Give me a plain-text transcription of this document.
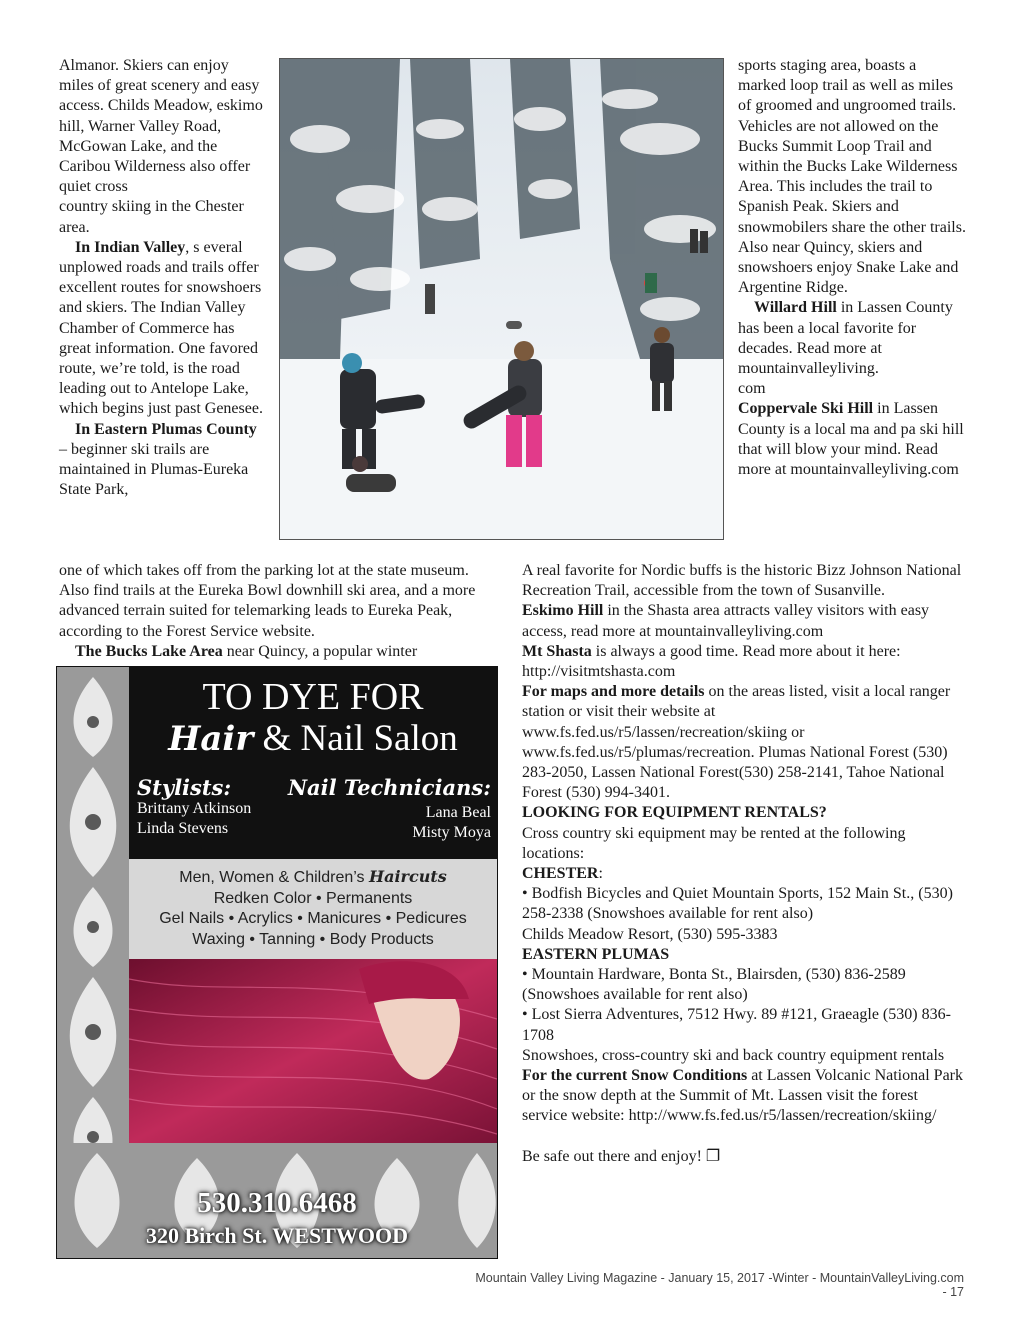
Almanor. Skiers can enjoy miles of great scenery and easy access. Childs Meadow, eskimo hill, Warner Valley Road, McGowan Lake, and the Caribou Wilderness also offer quiet cross

country skiing in the Chester area.

In Indian Valley, s everal unplowed roads and trails offer excellent routes for snowshoers and skiers. The Indian Valley Chamber of Commerce has great information. One favored route, we’re told, is the road leading out to Antelope Lake, which begins just past Genesee.

In Eastern Plumas County – beginner ski trails are maintained in Plumas-Eureka State Park,

sports staging area, boasts a marked loop trail as well as miles of groomed and ungroomed trails. Vehicles are not allowed on the Bucks Summit Loop Trail and within the Bucks Lake Wilderness Area. This includes the trail to Spanish Peak. Skiers and snowmobilers share the other trails. Also near Quincy, skiers and snowshoers enjoy Snake Lake and Argentine Ridge.

Willard Hill in Lassen County has been a local favorite for decades. Read more at mountainvalleyliving.
com

Coppervale Ski Hill in Lassen County is a local ma and pa ski hill that will blow your mind. Read more at mountainvalleyliving.com

one of which takes off from the parking lot at the state museum. Also find trails at the Eureka Bowl downhill ski area, and a more advanced terrain suited for telemarking leads to Eureka Peak, according to the Forest Service website.

The Bucks Lake Area near Quincy, a popular winter

A real favorite for Nordic buffs is the historic Bizz Johnson National Recreation Trail, accessible from the town of Susanville.

Eskimo Hill in the Shasta area attracts valley visitors with easy access, read more at mountainvalleyliving.com

Mt Shasta is always a good time. Read more about it here: http://visitmtshasta.com

For maps and more details on the areas listed, visit a local ranger station or visit their website at www.fs.fed.us/r5/lassen/recreation/skiing or www.fs.fed.us/r5/plumas/recreation. Plumas National Forest (530) 283-2050, Lassen National Forest(530) 258-2141, Tahoe National Forest (530) 994-3401.

LOOKING FOR EQUIPMENT RENTALS?

Cross country ski equipment may be rented at the following locations:

CHESTER:

• Bodfish Bicycles and Quiet Mountain Sports, 152 Main St., (530) 258-2338 (Snowshoes available for rent also)

Childs Meadow Resort, (530) 595-3383

EASTERN PLUMAS

• Mountain Hardware, Bonta St., Blairsden, (530) 836-2589 (Snowshoes available for rent also)

• Lost Sierra Adventures, 7512 Hwy. 89 #121, Graeagle (530) 836-1708

Snowshoes, cross-country ski and back country equipment rentals

For the current Snow Conditions at Lassen Volcanic National Park or the snow depth at the Summit of Mt. Lassen visit the forest service website: http://www.fs.fed.us/r5/lassen/recreation/skiing/

Be safe out there and enjoy! ❐

TO DYE FOR
Hair & Nail Salon
Stylists:
Brittany Atkinson
Linda Stevens
Nail Technicians:
Lana Beal
Misty Moya
Men, Women & Children’s Haircuts
Redken Color • Permanents
Gel Nails • Acrylics • Manicures • Pedicures
Waxing • Tanning • Body Products
530.310.6468
320 Birch St. WESTWOOD
Mountain Valley Living Magazine - January 15, 2017 -Winter - MountainValleyLiving.com - 17
